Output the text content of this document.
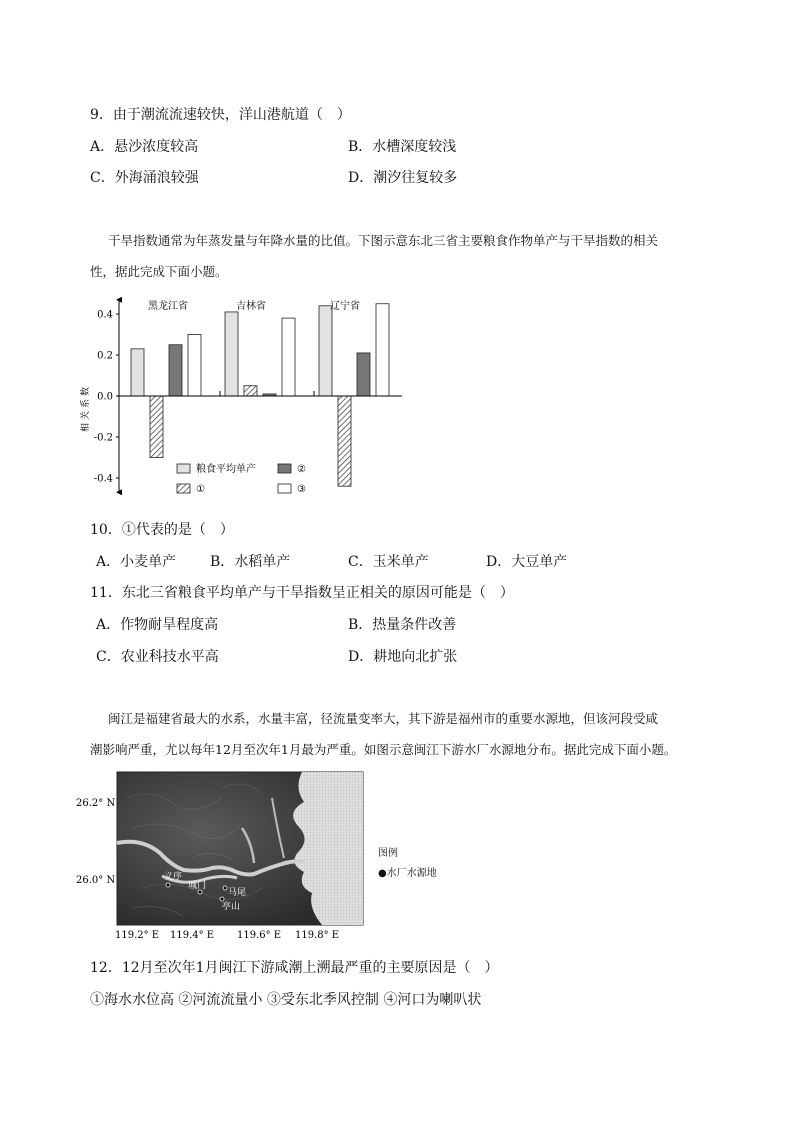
9．由于潮流流速较快，洋山港航道（　）
A．悬沙浓度较高	B．水槽深度较浅
C．外海涌浪较强	D．潮汐往复较多
干旱指数通常为年蒸发量与年降水量的比值。下图示意东北三省主要粮食作物单产与干旱指数的相关
性，据此完成下面小题。
0.4
0.2
0.0
-0.2
-0.4
黑龙江省	吉林省	辽宁省
粮食平均单产	②
①	③
相关系数
10．①代表的是（　）
A．小麦单产 B．水稻单产	C．玉米单产	D．大豆单产
11．东北三省粮食平均单产与干旱指数呈正相关的原因可能是（　）
A．作物耐旱程度高	B．热量条件改善
C．农业科技水平高	D．耕地向北扩张
闽江是福建省最大的水系，水量丰富，径流量变率大，其下游是福州市的重要水源地，但该河段受咸
潮影响严重，尤以每年12月至次年1月最为严重。如图示意闽江下游水厂水源地分布。据此完成下面小题。
义序
城门
马尾
亭山
26.2° N
26.0° N
119.2° E 119.4° E 119.6° E 119.8° E
图例
●水厂水源地
12．12月至次年1月闽江下游咸潮上溯最严重的主要原因是（　）
①海水水位高 ②河流流量小 ③受东北季风控制 ④河口为喇叭状
